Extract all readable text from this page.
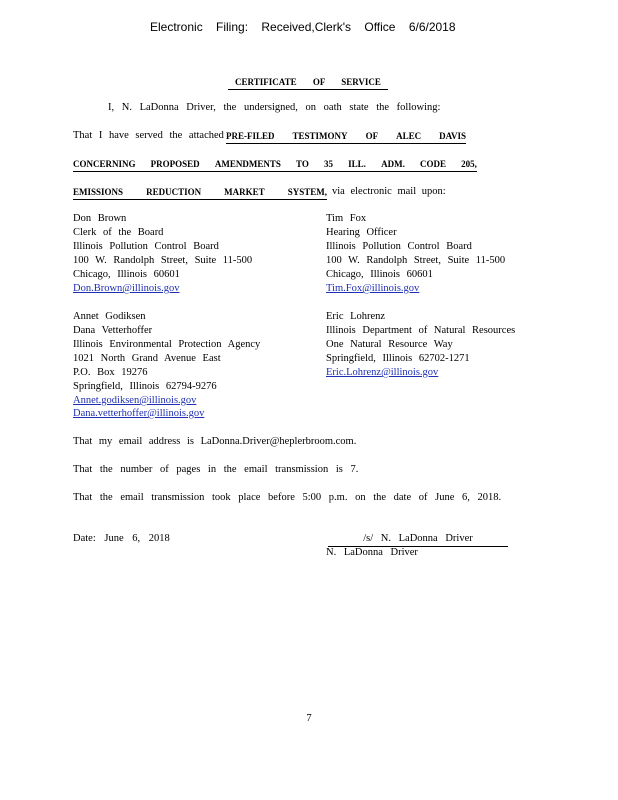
Electronic Filing: Received,Clerk's Office 6/6/2018
CERTIFICATE OF SERVICE
I, N. LaDonna Driver, the undersigned, on oath state the following:
That I have served the attached PRE-FILED TESTIMONY OF ALEC DAVIS
CONCERNING PROPOSED AMENDMENTS TO 35 ILL. ADM. CODE 205,
EMISSIONS	REDUCTION	MARKET	SYSTEM, via electronic mail upon:
Don Brown
Clerk of the Board
Illinois Pollution Control Board
100 W. Randolph Street, Suite 11-500
Chicago, Illinois 60601
Don.Brown@illinois.gov
Tim Fox
Hearing Officer
Illinois Pollution Control Board
100 W. Randolph Street, Suite 11-500
Chicago, Illinois 60601
Tim.Fox@illinois.gov
Annet Godiksen
Dana Vetterhoffer
Illinois Environmental Protection Agency
1021 North Grand Avenue East
P.O. Box 19276
Springfield, Illinois 62794-9276
Annet.godiksen@illinois.gov
Dana.vetterhoffer@illinois.gov
Eric Lohrenz
Illinois Department of Natural Resources
One Natural Resource Way
Springfield, Illinois 62702-1271
Eric.Lohrenz@illinois.gov
That my email address is LaDonna.Driver@heplerbroom.com.
That the number of pages in the email transmission is 7.
That the email transmission took place before 5:00 p.m. on the date of June 6, 2018.
Date: June 6, 2018	/s/ N. LaDonna Driver
N. LaDonna Driver
7
